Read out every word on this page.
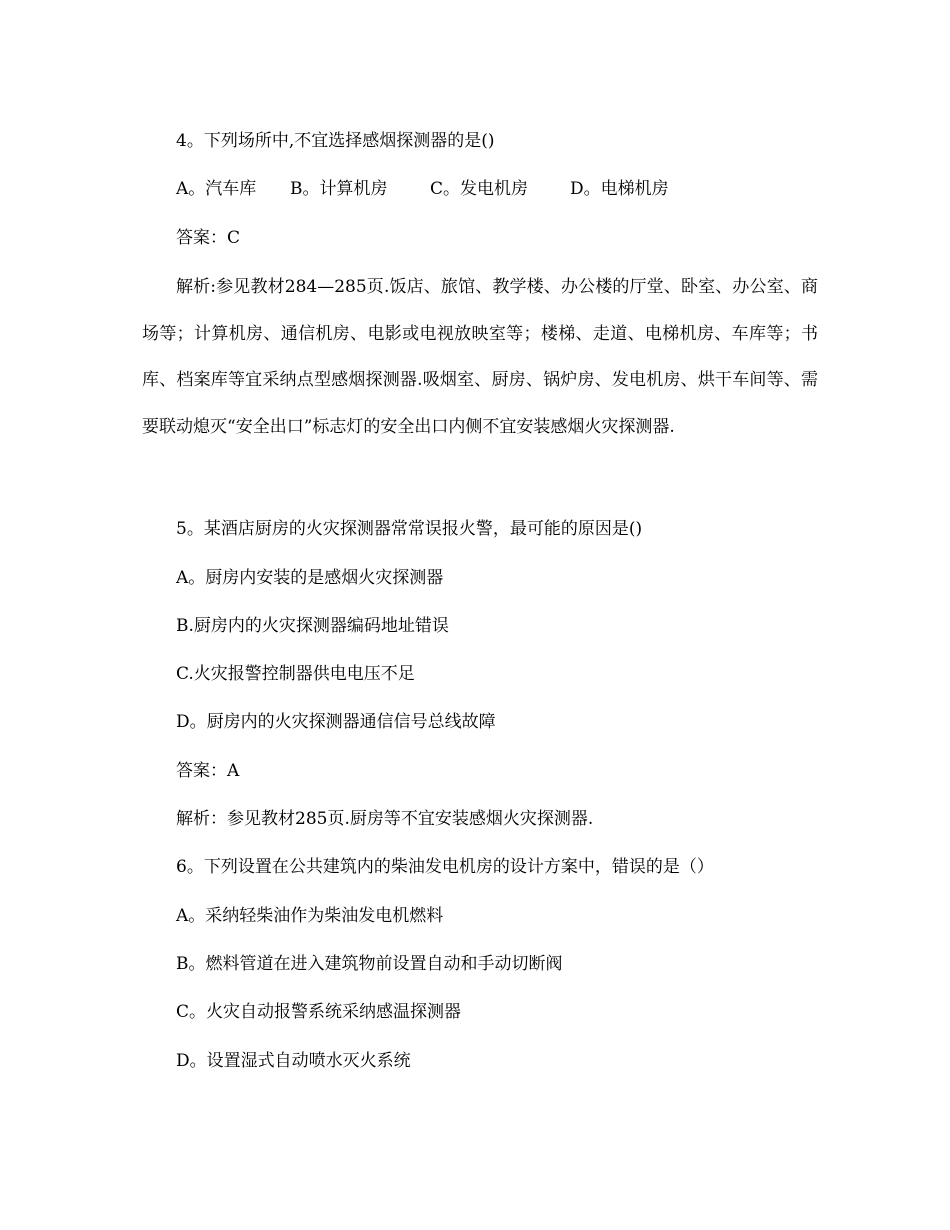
4。下列场所中,不宜选择感烟探测器的是()
A。汽车库 B。计算机房	C。发电机房 D。电梯机房
答案：C
解析:参见教材284—285页.饭店、旅馆、教学楼、办公楼的厅堂、卧室、办公室、商场等；计算机房、通信机房、电影或电视放映室等；楼梯、走道、电梯机房、车库等；书库、档案库等宜采纳点型感烟探测器.吸烟室、厨房、锅炉房、发电机房、烘干车间等、需要联动熄灭“安全出口”标志灯的安全出口内侧不宜安装感烟火灾探测器.
5。某酒店厨房的火灾探测器常常误报火警，最可能的原因是()
A。厨房内安装的是感烟火灾探测器
B.厨房内的火灾探测器编码地址错误
C.火灾报警控制器供电电压不足
D。厨房内的火灾探测器通信信号总线故障
答案：A
解析：参见教材285页.厨房等不宜安装感烟火灾探测器.
6。下列设置在公共建筑内的柴油发电机房的设计方案中，错误的是（）
A。采纳轻柴油作为柴油发电机燃料
B。燃料管道在进入建筑物前设置自动和手动切断阀
C。火灾自动报警系统采纳感温探测器
D。设置湿式自动喷水灭火系统
